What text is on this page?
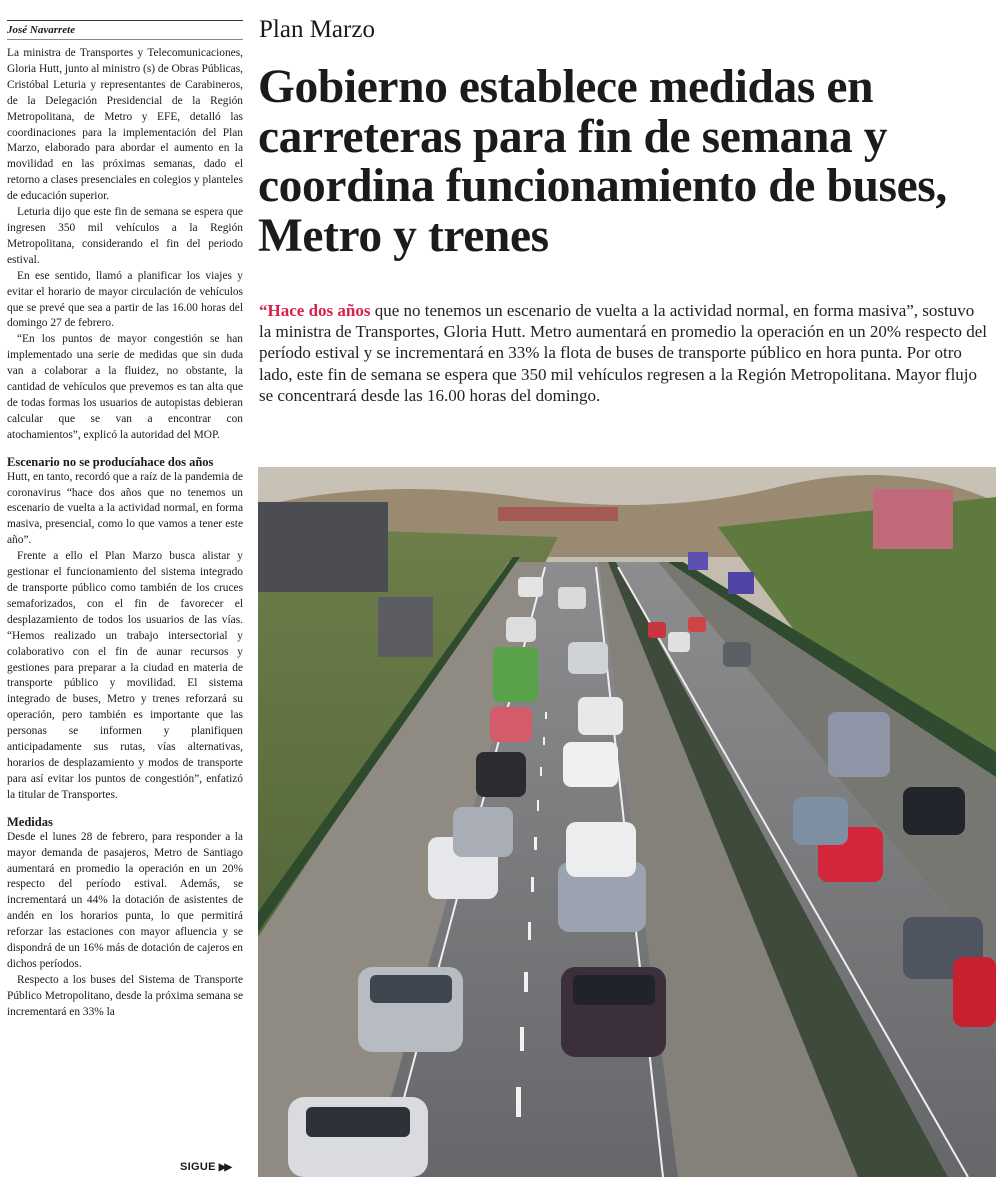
José Navarrete

La ministra de Transportes y Telecomunicaciones, Gloria Hutt, junto al ministro (s) de Obras Públicas, Cristóbal Leturia y representantes de Carabineros, de la Delegación Presidencial de la Región Metropolitana, de Metro y EFE, detalló las coordinaciones para la implementación del Plan Marzo, elaborado para abordar el aumento en la movilidad en las próximas semanas, dado el retorno a clases presenciales en colegios y planteles de educación superior.

Leturia dijo que este fin de semana se espera que ingresen 350 mil vehículos a la Región Metropolitana, considerando el fin del periodo estival.

En ese sentido, llamó a planificar los viajes y evitar el horario de mayor circulación de vehículos que se prevé que sea a partir de las 16.00 horas del domingo 27 de febrero.

“En los puntos de mayor congestión se han implementado una serie de medidas que sin duda van a colaborar a la fluidez, no obstante, la cantidad de vehículos que prevemos es tan alta que de todas formas los usuarios de autopistas debieran calcular que se van a encontrar con atochamientos”, explicó la autoridad del MOP.

Escenario no se producíahace dos años

Hutt, en tanto, recordó que a raíz de la pandemia de coronavirus “hace dos años que no tenemos un escenario de vuelta a la actividad normal, en forma masiva, presencial, como lo que vamos a tener este año”.

Frente a ello el Plan Marzo busca alistar y gestionar el funcionamiento del sistema integrado de transporte público como también de los cruces semaforizados, con el fin de favorecer el desplazamiento de todos los usuarios de las vías. “Hemos realizado un trabajo intersectorial y colaborativo con el fin de aunar recursos y gestiones para preparar a la ciudad en materia de transporte público y movilidad. El sistema integrado de buses, Metro y trenes reforzará su operación, pero también es importante que las personas se informen y planifiquen anticipadamente sus rutas, vías alternativas, horarios de desplazamiento y modos de transporte para así evitar los puntos de congestión”, enfatizó la titular de Transportes.

Medidas

Desde el lunes 28 de febrero, para responder a la mayor demanda de pasajeros, Metro de Santiago aumentará en promedio la operación en un 20% respecto del período estival. Además, se incrementará un 44% la dotación de asistentes de andén en los horarios punta, lo que permitirá reforzar las estaciones con mayor afluencia y se dispondrá de un 16% más de dotación de cajeros en dichos períodos.

Respecto a los buses del Sistema de Transporte Público Metropolitano, desde la próxima semana se incrementará en 33% la

SIGUE ▶▶
Plan Marzo
Gobierno establece medidas en carreteras para fin de semana y coordina funcionamiento de buses, Metro y trenes

“Hace dos años que no tenemos un escenario de vuelta a la actividad normal, en forma masiva”, sostuvo la ministra de Transportes, Gloria Hutt. Metro aumentará en promedio la operación en un 20% respecto del período estival y se incrementará en 33% la flota de buses de transporte público en hora punta. Por otro lado, este fin de semana se espera que 350 mil vehículos regresen a la Región Metropolitana. Mayor flujo se concentrará desde las 16.00 horas del domingo.
